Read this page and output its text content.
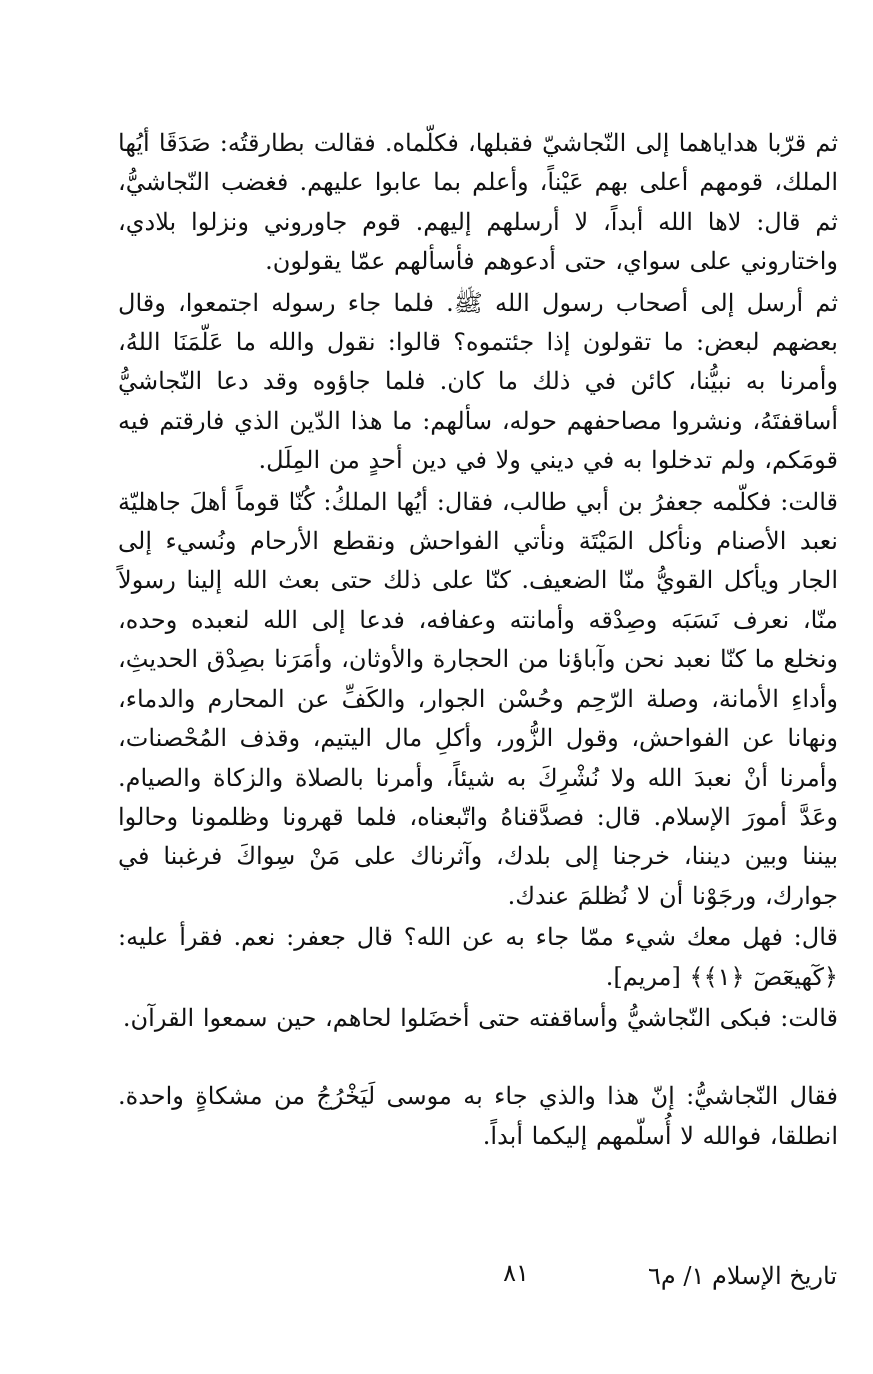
ثم قرّبا هداياهما إلى النّجاشيّ فقبلها، فكلّماه. فقالت بطارقتُه: صَدَقَا أيُها الملك، قومهم أعلى بهم عَيْناً، وأعلم بما عابوا عليهم. فغضب النّجاشيُّ، ثم قال: لاها الله أبداً، لا أرسلهم إليهم. قوم جاوروني ونزلوا بلادي، واختاروني على سواي، حتى أدعوهم فأسألهم عمّا يقولون.

ثم أرسل إلى أصحاب رسول الله ﷺ. فلما جاء رسوله اجتمعوا، وقال بعضهم لبعض: ما تقولون إذا جئتموه؟ قالوا: نقول والله ما عَلّمَنَا اللهُ، وأمرنا به نبيُّنا، كائن في ذلك ما كان. فلما جاؤوه وقد دعا النّجاشيُّ أساقفتَهُ، ونشروا مصاحفهم حوله، سألهم: ما هذا الدّين الذي فارقتم فيه قومَكم، ولم تدخلوا به في ديني ولا في دين أحدٍ من المِلَل.

قالت: فكلّمه جعفرُ بن أبي طالب، فقال: أيُها الملكُ: كُنّا قوماً أهلَ جاهليّة نعبد الأصنام ونأكل المَيْتَة ونأتي الفواحش ونقطع الأرحام ونُسيء إلى الجار ويأكل القويُّ منّا الضعيف. كنّا على ذلك حتى بعث الله إلينا رسولاً منّا، نعرف نَسَبَه وصِدْقه وأمانته وعفافه، فدعا إلى الله لنعبده وحده، ونخلع ما كنّا نعبد نحن وآباؤنا من الحجارة والأوثان، وأمَرَنا بصِدْق الحديثِ، وأداءِ الأمانة، وصلة الرّحِم وحُسْن الجوار، والكَفِّ عن المحارم والدماء، ونهانا عن الفواحش، وقول الزُّور، وأكلِ مال اليتيم، وقذف المُحْصنات، وأمرنا أنْ نعبدَ الله ولا نُشْرِكَ به شيئاً، وأمرنا بالصلاة والزكاة والصيام. وعَدَّ أمورَ الإسلام. قال: فصدَّقناهُ واتّبعناه، فلما قهرونا وظلمونا وحالوا بيننا وبين ديننا، خرجنا إلى بلدك، وآثرناك على مَنْ سِواكَ فرغبنا في جوارك، ورجَوْنا أن لا نُظلمَ عندك.

قال: فهل معك شيء ممّا جاء به عن الله؟ قال جعفر: نعم. فقرأ عليه: ﴿كٓهيعٓصٓ ﴿١﴾﴾ [مريم].

قالت: فبكى النّجاشيُّ وأساقفته حتى أخضَلوا لحاهم، حين سمعوا القرآن.

فقال النّجاشيُّ: إنّ هذا والذي جاء به موسى لَيَخْرُجُ من مشكاةٍ واحدة. انطلقا، فوالله لا أُسلّمهم إليكما أبداً.

٨١	تاريخ الإسلام ١/ م٦
